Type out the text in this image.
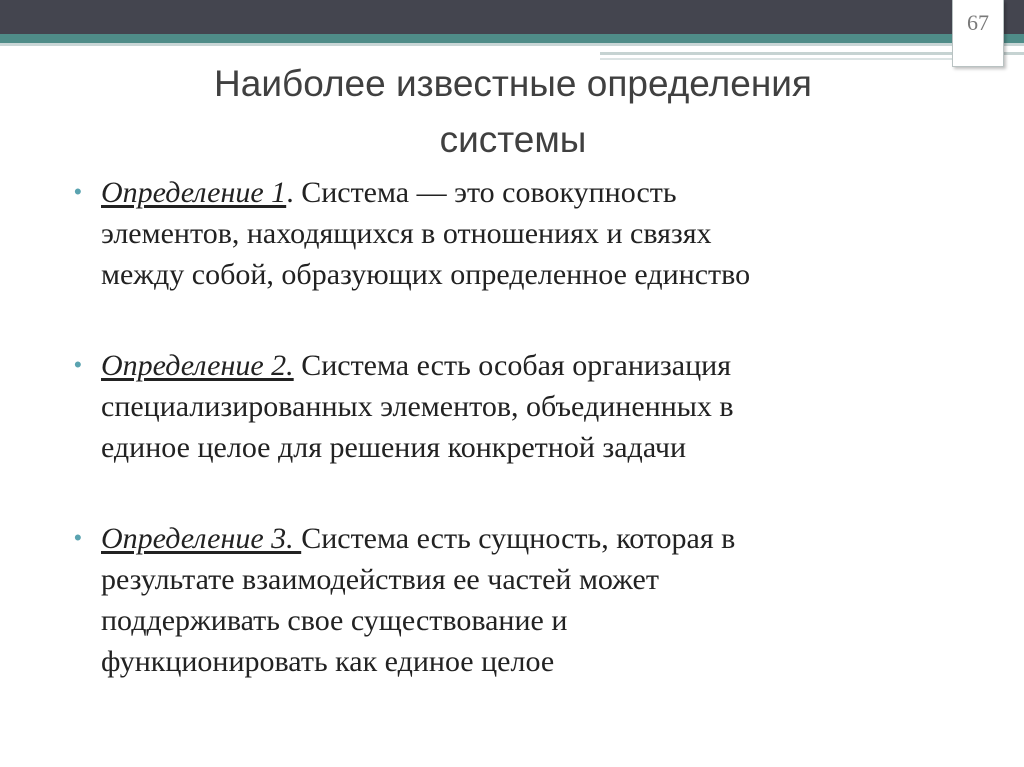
67
Наиболее известные определения
системы
• Определение 1. Система — это совокупность
элементов, находящихся в отношениях и связях
между собой, образующих определенное единство
• Определение 2. Система есть особая организация
специализированных элементов, объединенных в
единое целое для решения конкретной задачи
• Определение 3. Система есть сущность, которая в
результате взаимодействия ее частей может
поддерживать свое существование и
функционировать как единое целое
